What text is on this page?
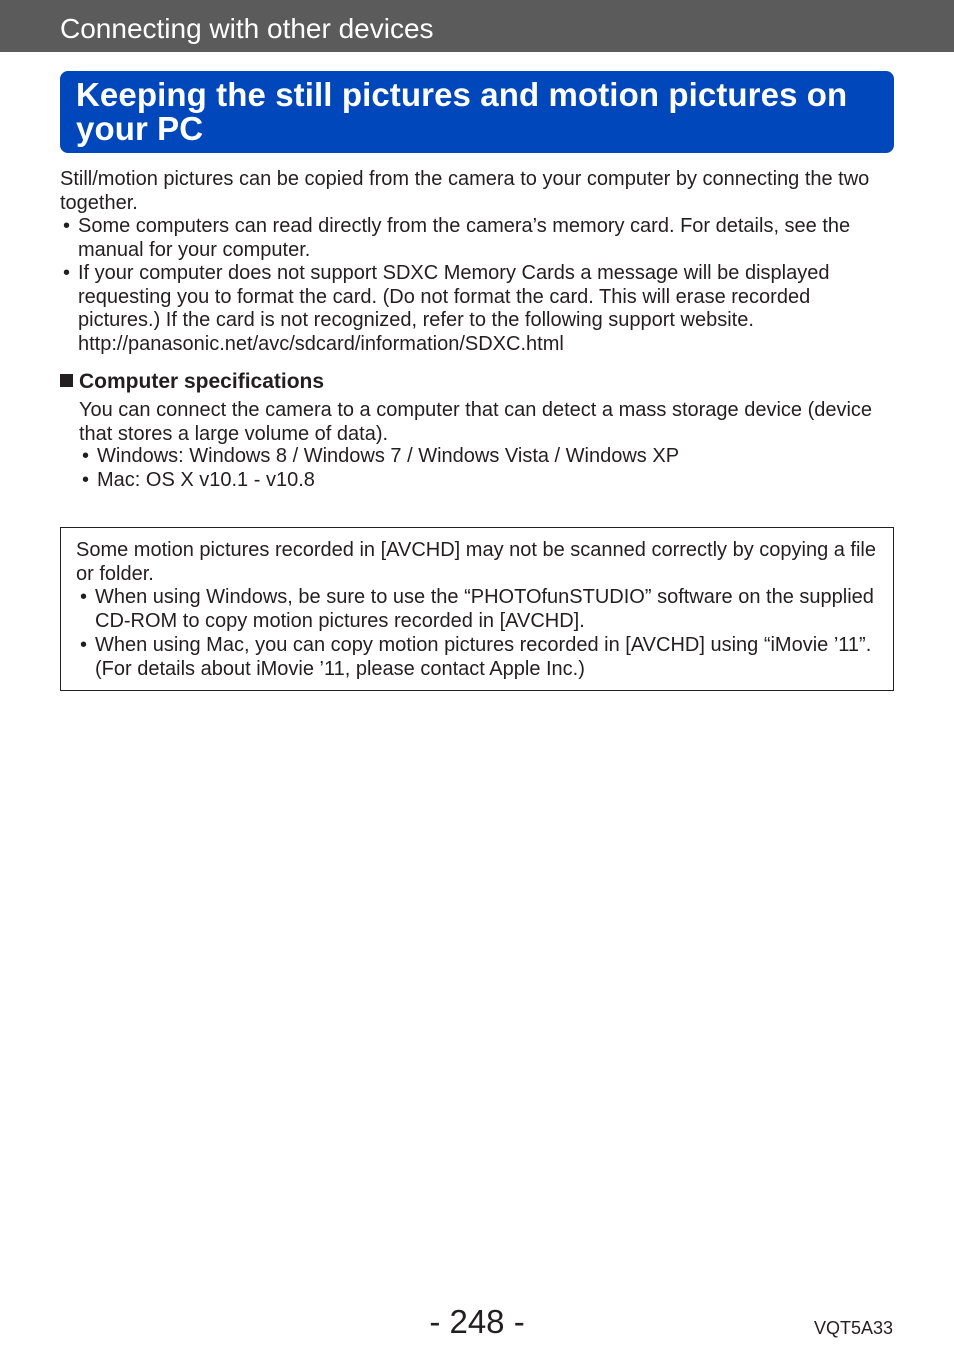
Connecting with other devices
Keeping the still pictures and motion pictures on your PC

Still/motion pictures can be copied from the camera to your computer by connecting the two together.

• Some computers can read directly from the camera’s memory card. For details, see the manual for your computer.
• If your computer does not support SDXC Memory Cards a message will be displayed requesting you to format the card. (Do not format the card. This will erase recorded pictures.) If the card is not recognized, refer to the following support website. http://panasonic.net/avc/sdcard/information/SDXC.html
Computer specifications

You can connect the camera to a computer that can detect a mass storage device (device that stores a large volume of data).

• Windows: Windows 8 / Windows 7 / Windows Vista / Windows XP
• Mac: OS X v10.1 - v10.8

Some motion pictures recorded in [AVCHD] may not be scanned correctly by copying a file or folder.

• When using Windows, be sure to use the “PHOTOfunSTUDIO” software on the supplied CD-ROM to copy motion pictures recorded in [AVCHD].
• When using Mac, you can copy motion pictures recorded in [AVCHD] using “iMovie ’11”. (For details about iMovie ’11, please contact Apple Inc.)
- 248 -	VQT5A33
